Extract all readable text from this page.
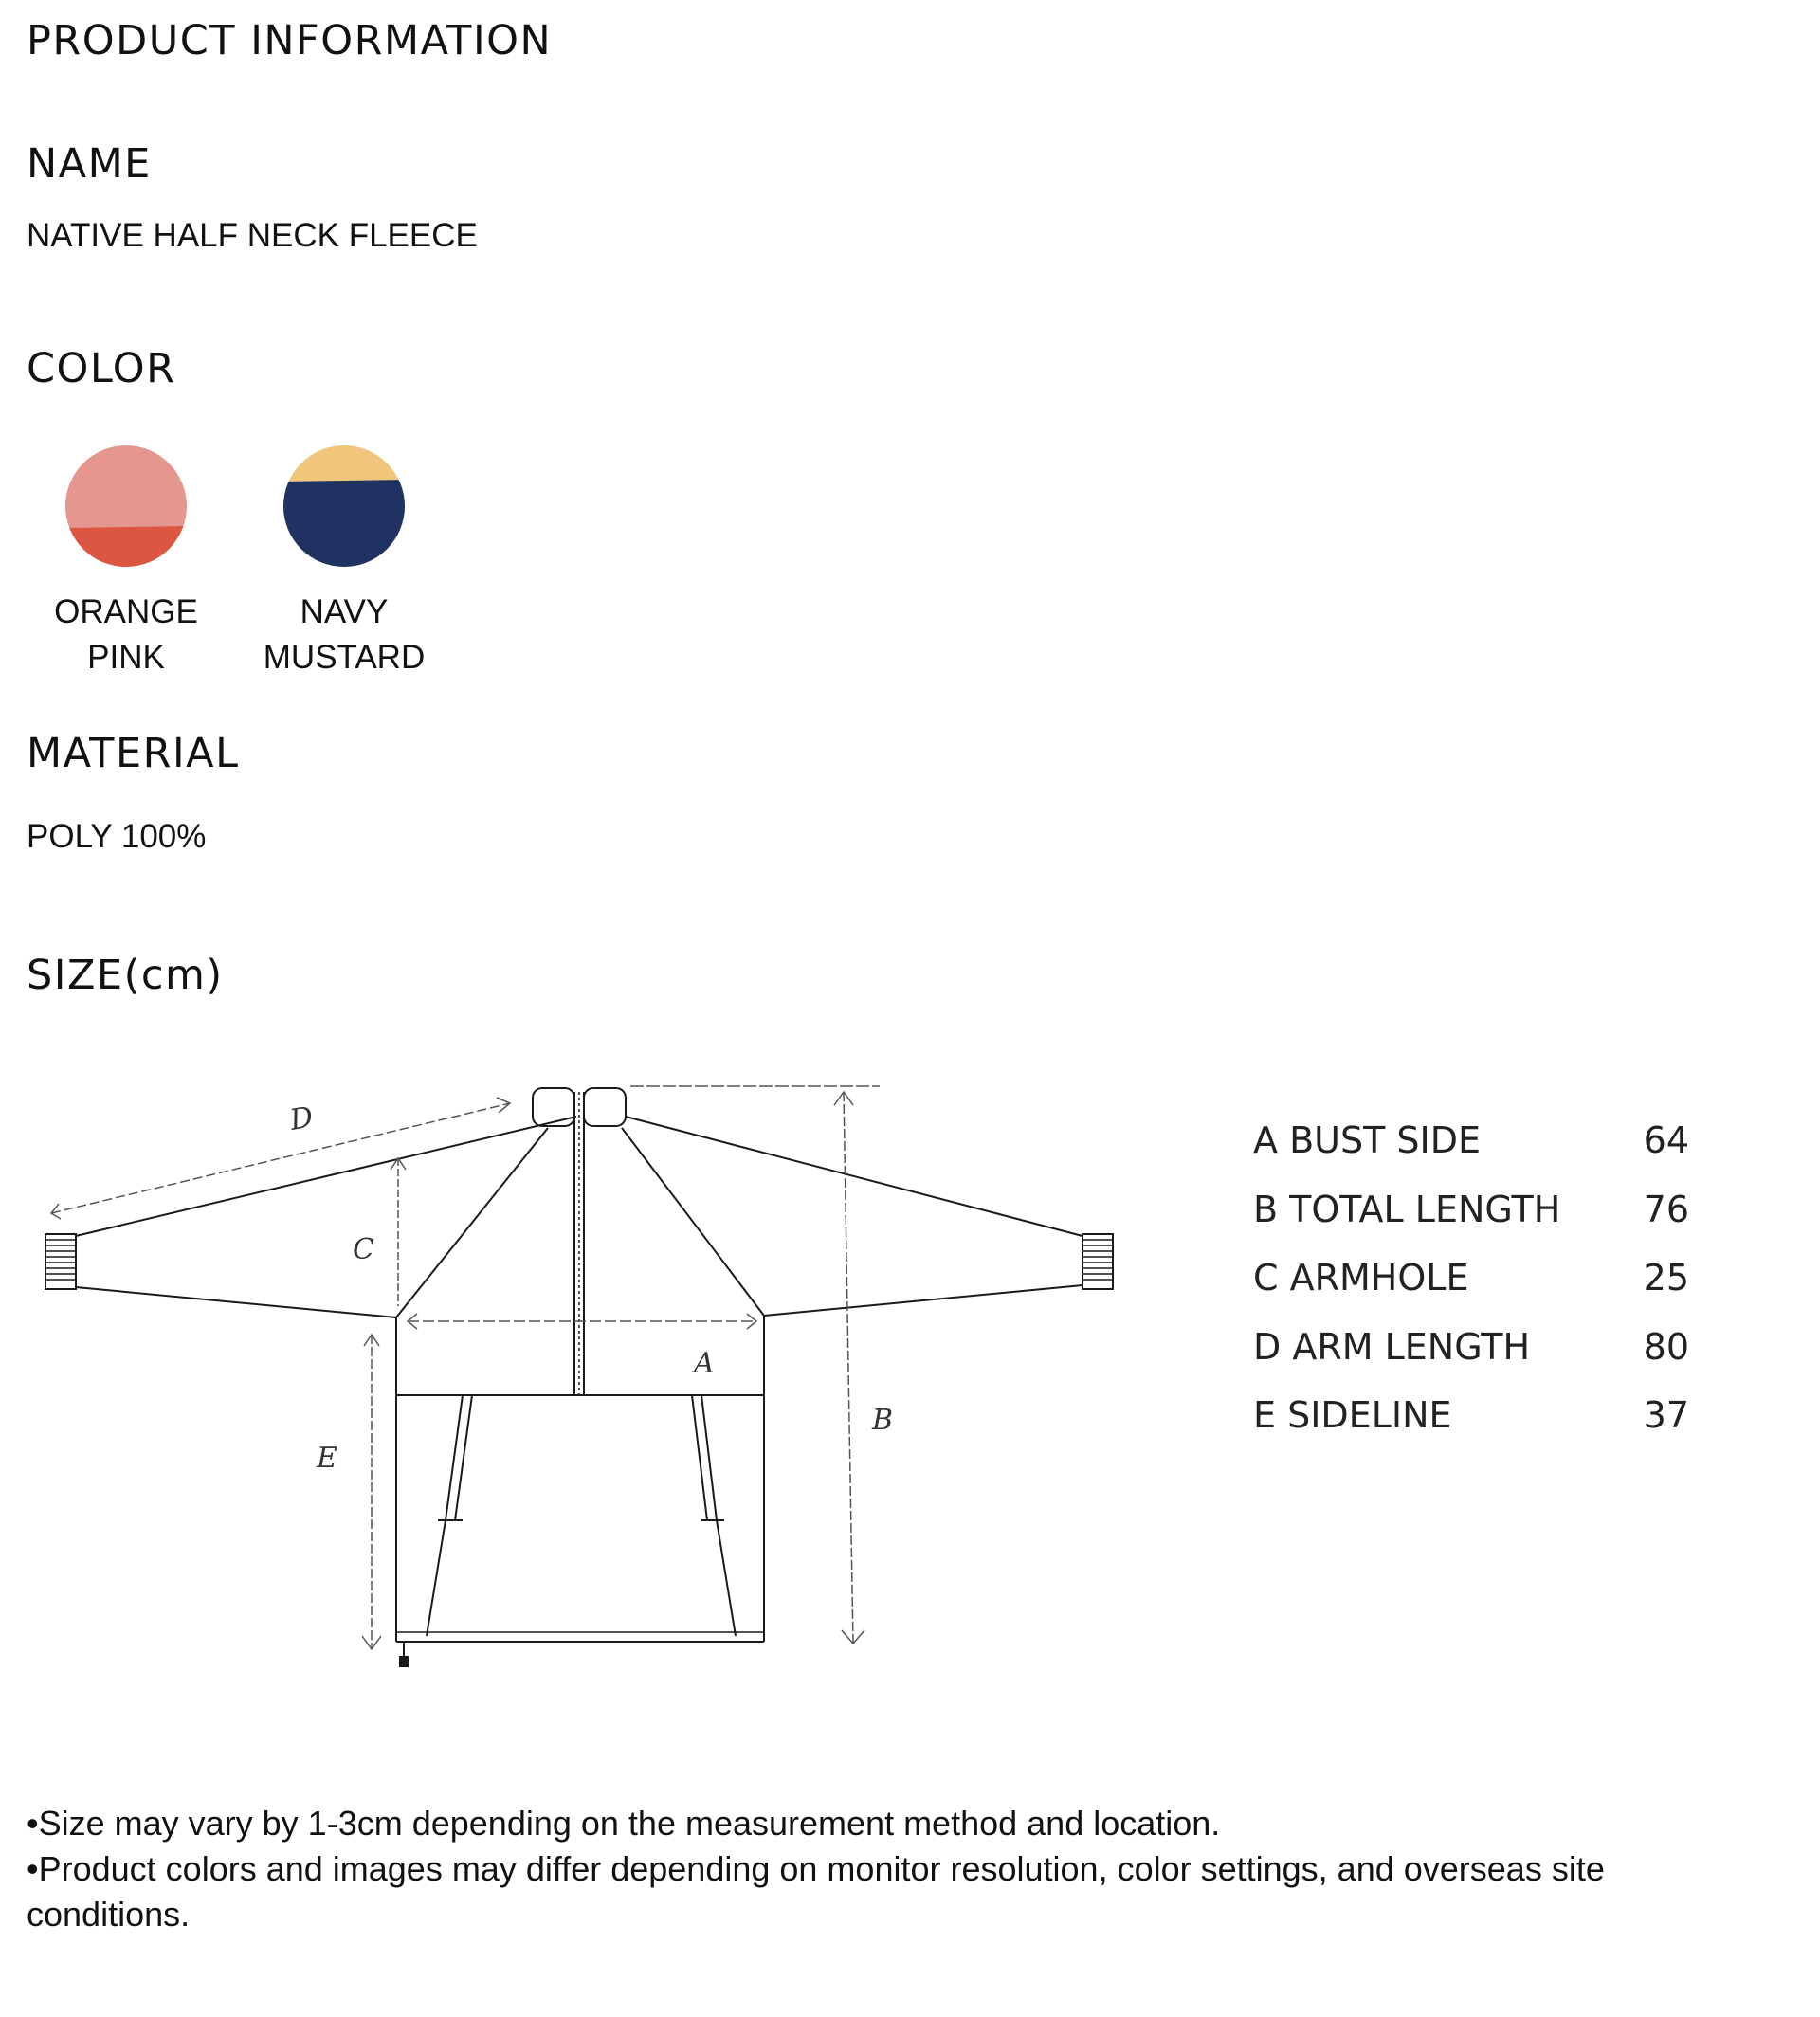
PRODUCT INFORMATION
NAME

NATIVE HALF NECK FLEECE

COLOR
ORANGE
PINK
NAVY
MUSTARD
MATERIAL

POLY 100%

SIZE(cm)
D
C
A
E
B
A BUST SIDE	64
B TOTAL LENGTH 76
C ARMHOLE	25
D ARM LENGTH	80
E SIDELINE	37

•Size may vary by 1-3cm depending on the measurement method and location.

•Product colors and images may differ depending on monitor resolution, color settings, and overseas site conditions.
